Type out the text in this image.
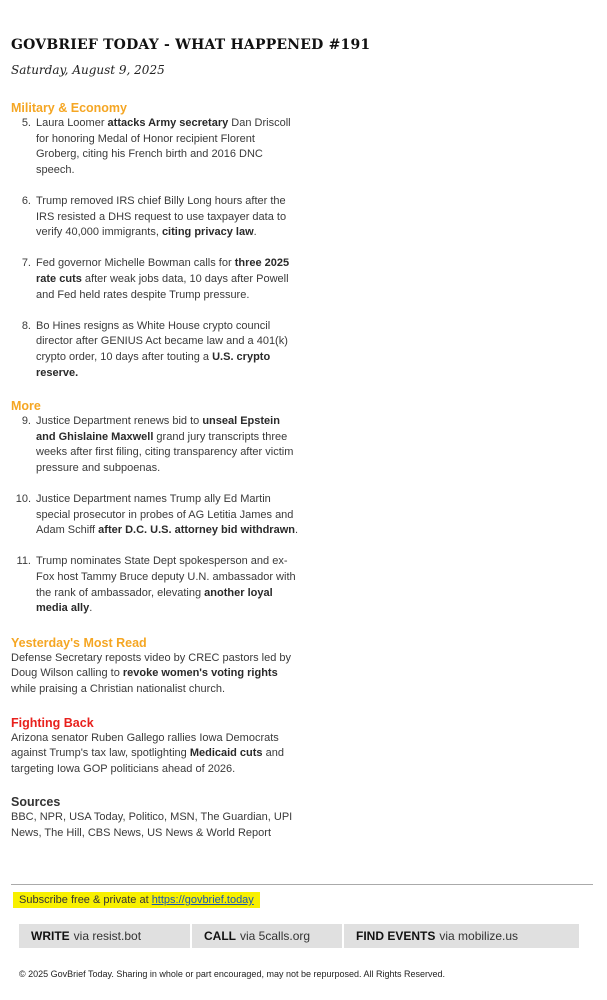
GOVBRIEF TODAY - WHAT HAPPENED #191
Saturday, August 9, 2025
Military & Economy
5. Laura Loomer attacks Army secretary Dan Driscoll for honoring Medal of Honor recipient Florent Groberg, citing his French birth and 2016 DNC speech.
6. Trump removed IRS chief Billy Long hours after the IRS resisted a DHS request to use taxpayer data to verify 40,000 immigrants, citing privacy law.
7. Fed governor Michelle Bowman calls for three 2025 rate cuts after weak jobs data, 10 days after Powell and Fed held rates despite Trump pressure.
8. Bo Hines resigns as White House crypto council director after GENIUS Act became law and a 401(k) crypto order, 10 days after touting a U.S. crypto reserve.
More
9. Justice Department renews bid to unseal Epstein and Ghislaine Maxwell grand jury transcripts three weeks after first filing, citing transparency after victim pressure and subpoenas.
10. Justice Department names Trump ally Ed Martin special prosecutor in probes of AG Letitia James and Adam Schiff after D.C. U.S. attorney bid withdrawn.
11. Trump nominates State Dept spokesperson and ex-Fox host Tammy Bruce deputy U.N. ambassador with the rank of ambassador, elevating another loyal media ally.
Yesterday's Most Read

Defense Secretary reposts video by CREC pastors led by Doug Wilson calling to revoke women's voting rights while praising a Christian nationalist church.

Fighting Back

Arizona senator Ruben Gallego rallies Iowa Democrats against Trump's tax law, spotlighting Medicaid cuts and targeting Iowa GOP politicians ahead of 2026.

Sources

BBC, NPR, USA Today, Politico, MSN, The Guardian, UPI News, The Hill, CBS News, US News & World Report

Subscribe free & private at https://govbrief.today
WRITE via resist.bot	CALL via 5calls.org	FIND EVENTS via mobilize.us
© 2025 GovBrief Today. Sharing in whole or part encouraged, may not be repurposed. All Rights Reserved.
